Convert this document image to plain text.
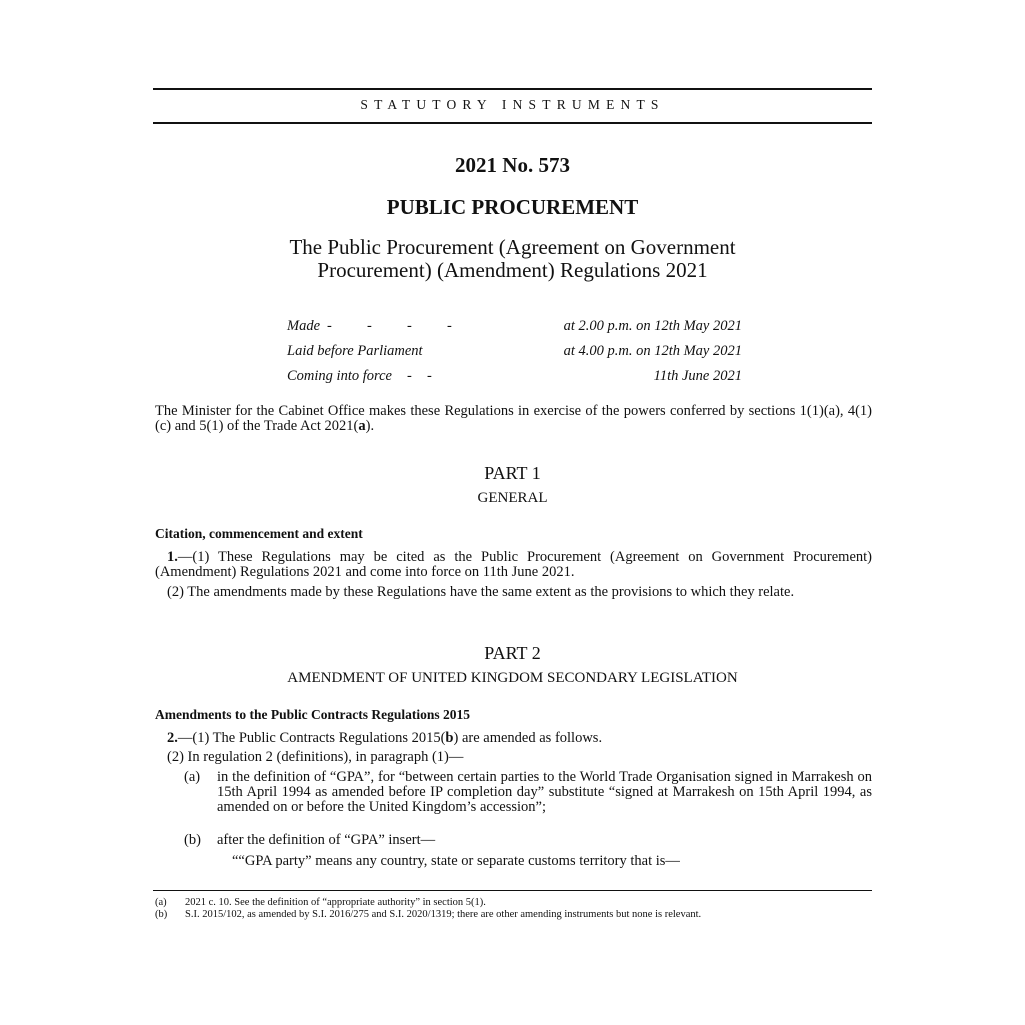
STATUTORY INSTRUMENTS
2021 No. 573
PUBLIC PROCUREMENT
The Public Procurement (Agreement on Government
Procurement) (Amendment) Regulations 2021
Made	-	-	-	-	at 2.00 p.m. on 12th May 2021
Laid before Parliament	at 4.00 p.m. on 12th May 2021
Coming into force	-	-	11th June 2021
The Minister for the Cabinet Office makes these Regulations in exercise of the powers conferred by sections 1(1)(a), 4(1)(c) and 5(1) of the Trade Act 2021(a).
PART 1
GENERAL
Citation, commencement and extent
1.—(1) These Regulations may be cited as the Public Procurement (Agreement on Government Procurement) (Amendment) Regulations 2021 and come into force on 11th June 2021.
(2) The amendments made by these Regulations have the same extent as the provisions to which they relate.
PART 2
AMENDMENT OF UNITED KINGDOM SECONDARY LEGISLATION
Amendments to the Public Contracts Regulations 2015
2.—(1) The Public Contracts Regulations 2015(b) are amended as follows.
(2) In regulation 2 (definitions), in paragraph (1)—
(a) in the definition of “GPA”, for “between certain parties to the World Trade Organisation signed in Marrakesh on 15th April 1994 as amended before IP completion day” substitute “signed at Marrakesh on 15th April 1994, as amended on or before the United Kingdom’s accession”;
(b) after the definition of “GPA” insert—
““GPA party” means any country, state or separate customs territory that is—
(a) 2021 c. 10. See the definition of “appropriate authority” in section 5(1).
(b) S.I. 2015/102, as amended by S.I. 2016/275 and S.I. 2020/1319; there are other amending instruments but none is relevant.
